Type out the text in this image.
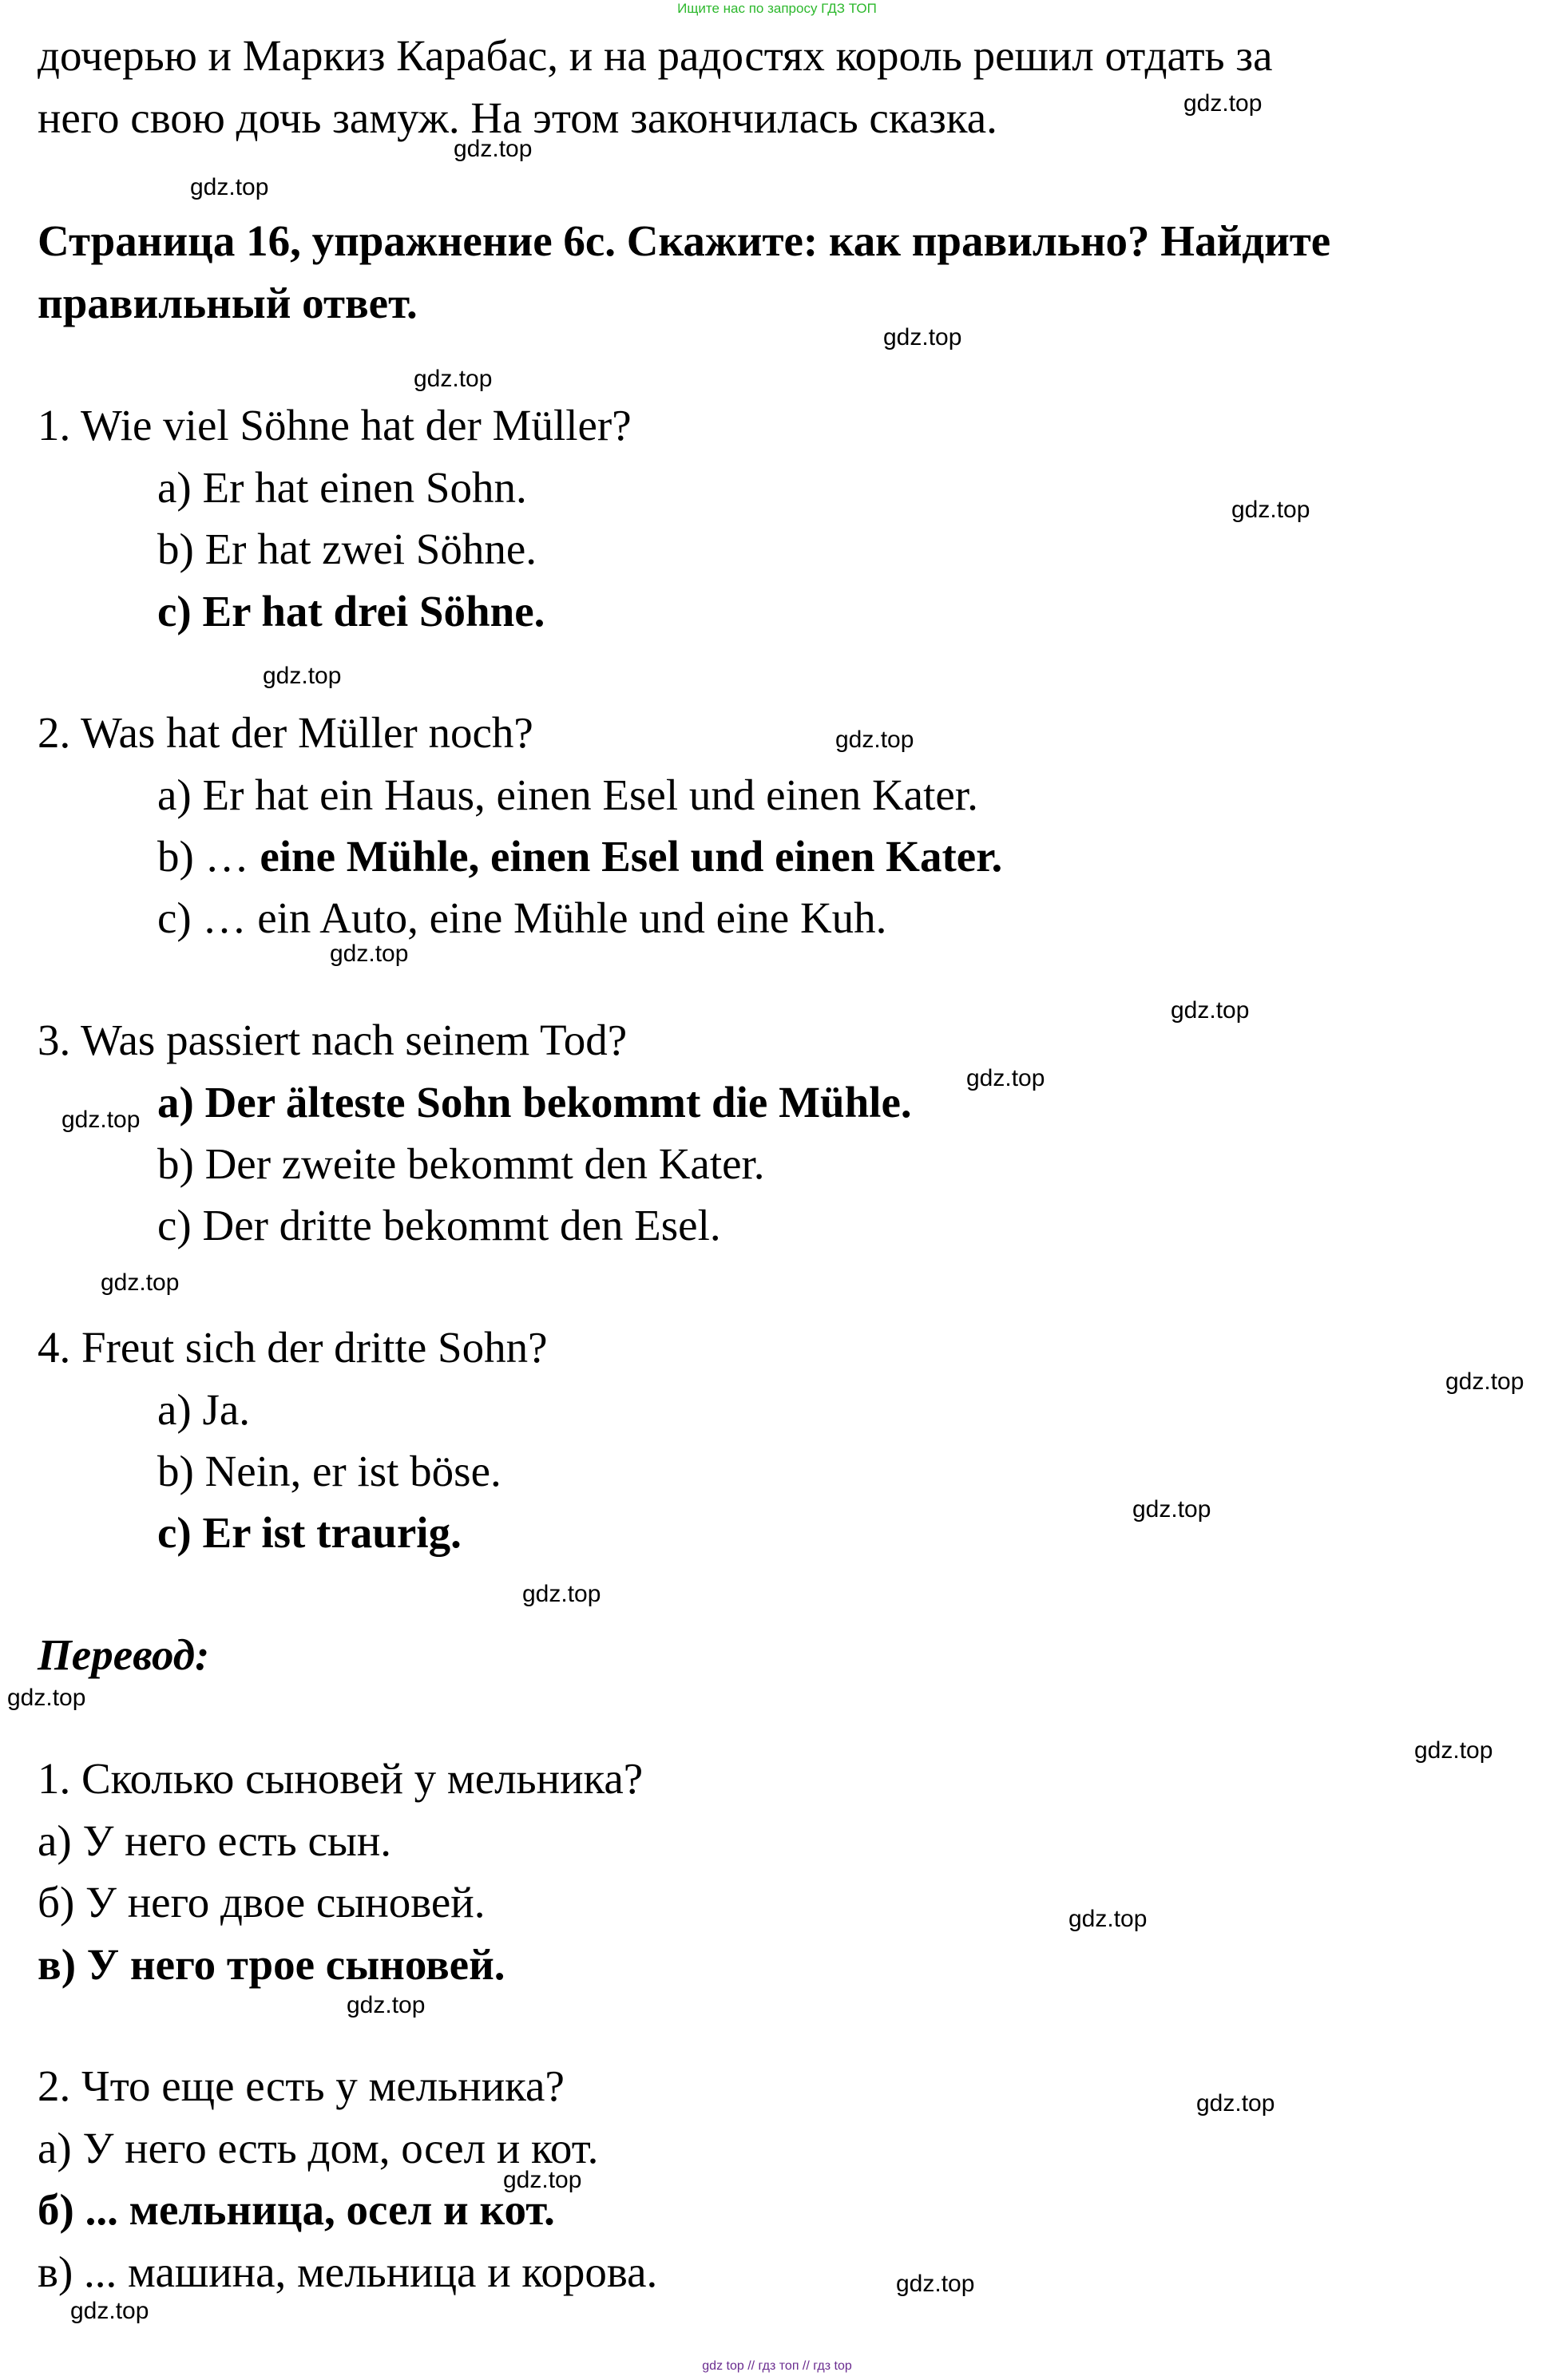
Ищите нас по запросу ГДЗ ТОП
дочерью и Маркиз Карабас, и на радостях король решил отдать за
него свою дочь замуж. На этом закончилась сказка.
Страница 16, упражнение 6с. Скажите: как правильно? Найдите
правильный ответ.
1. Wie viel Söhne hat der Müller?
a) Er hat einen Sohn.
b) Er hat zwei Söhne.
c) Er hat drei Söhne.
2. Was hat der Müller noch?
a) Er hat ein Haus, einen Esel und einen Kater.
b) … eine Mühle, einen Esel und einen Kater.
c) … ein Auto, eine Mühle und eine Kuh.
3. Was passiert nach seinem Tod?
a) Der älteste Sohn bekommt die Mühle.
b) Der zweite bekommt den Kater.
c) Der dritte bekommt den Esel.
4. Freut sich der dritte Sohn?
a) Ja.
b) Nein, er ist böse.
c) Er ist traurig.
Перевод:
1. Сколько сыновей у мельника?
а) У него есть сын.
б) У него двое сыновей.
в) У него трое сыновей.
2. Что еще есть у мельника?
а) У него есть дом, осел и кот.
б) ... мельница, осел и кот.
в) ... машина, мельница и корова.
gdz.top
gdz.top
gdz.top
gdz.top
gdz.top
gdz.top
gdz.top
gdz.top
gdz.top
gdz.top
gdz.top
gdz.top
gdz.top
gdz.top
gdz.top
gdz.top
gdz.top
gdz.top
gdz.top
gdz.top
gdz.top
gdz.top
gdz.top
gdz.top
gdz top // гдз топ // гдз top
